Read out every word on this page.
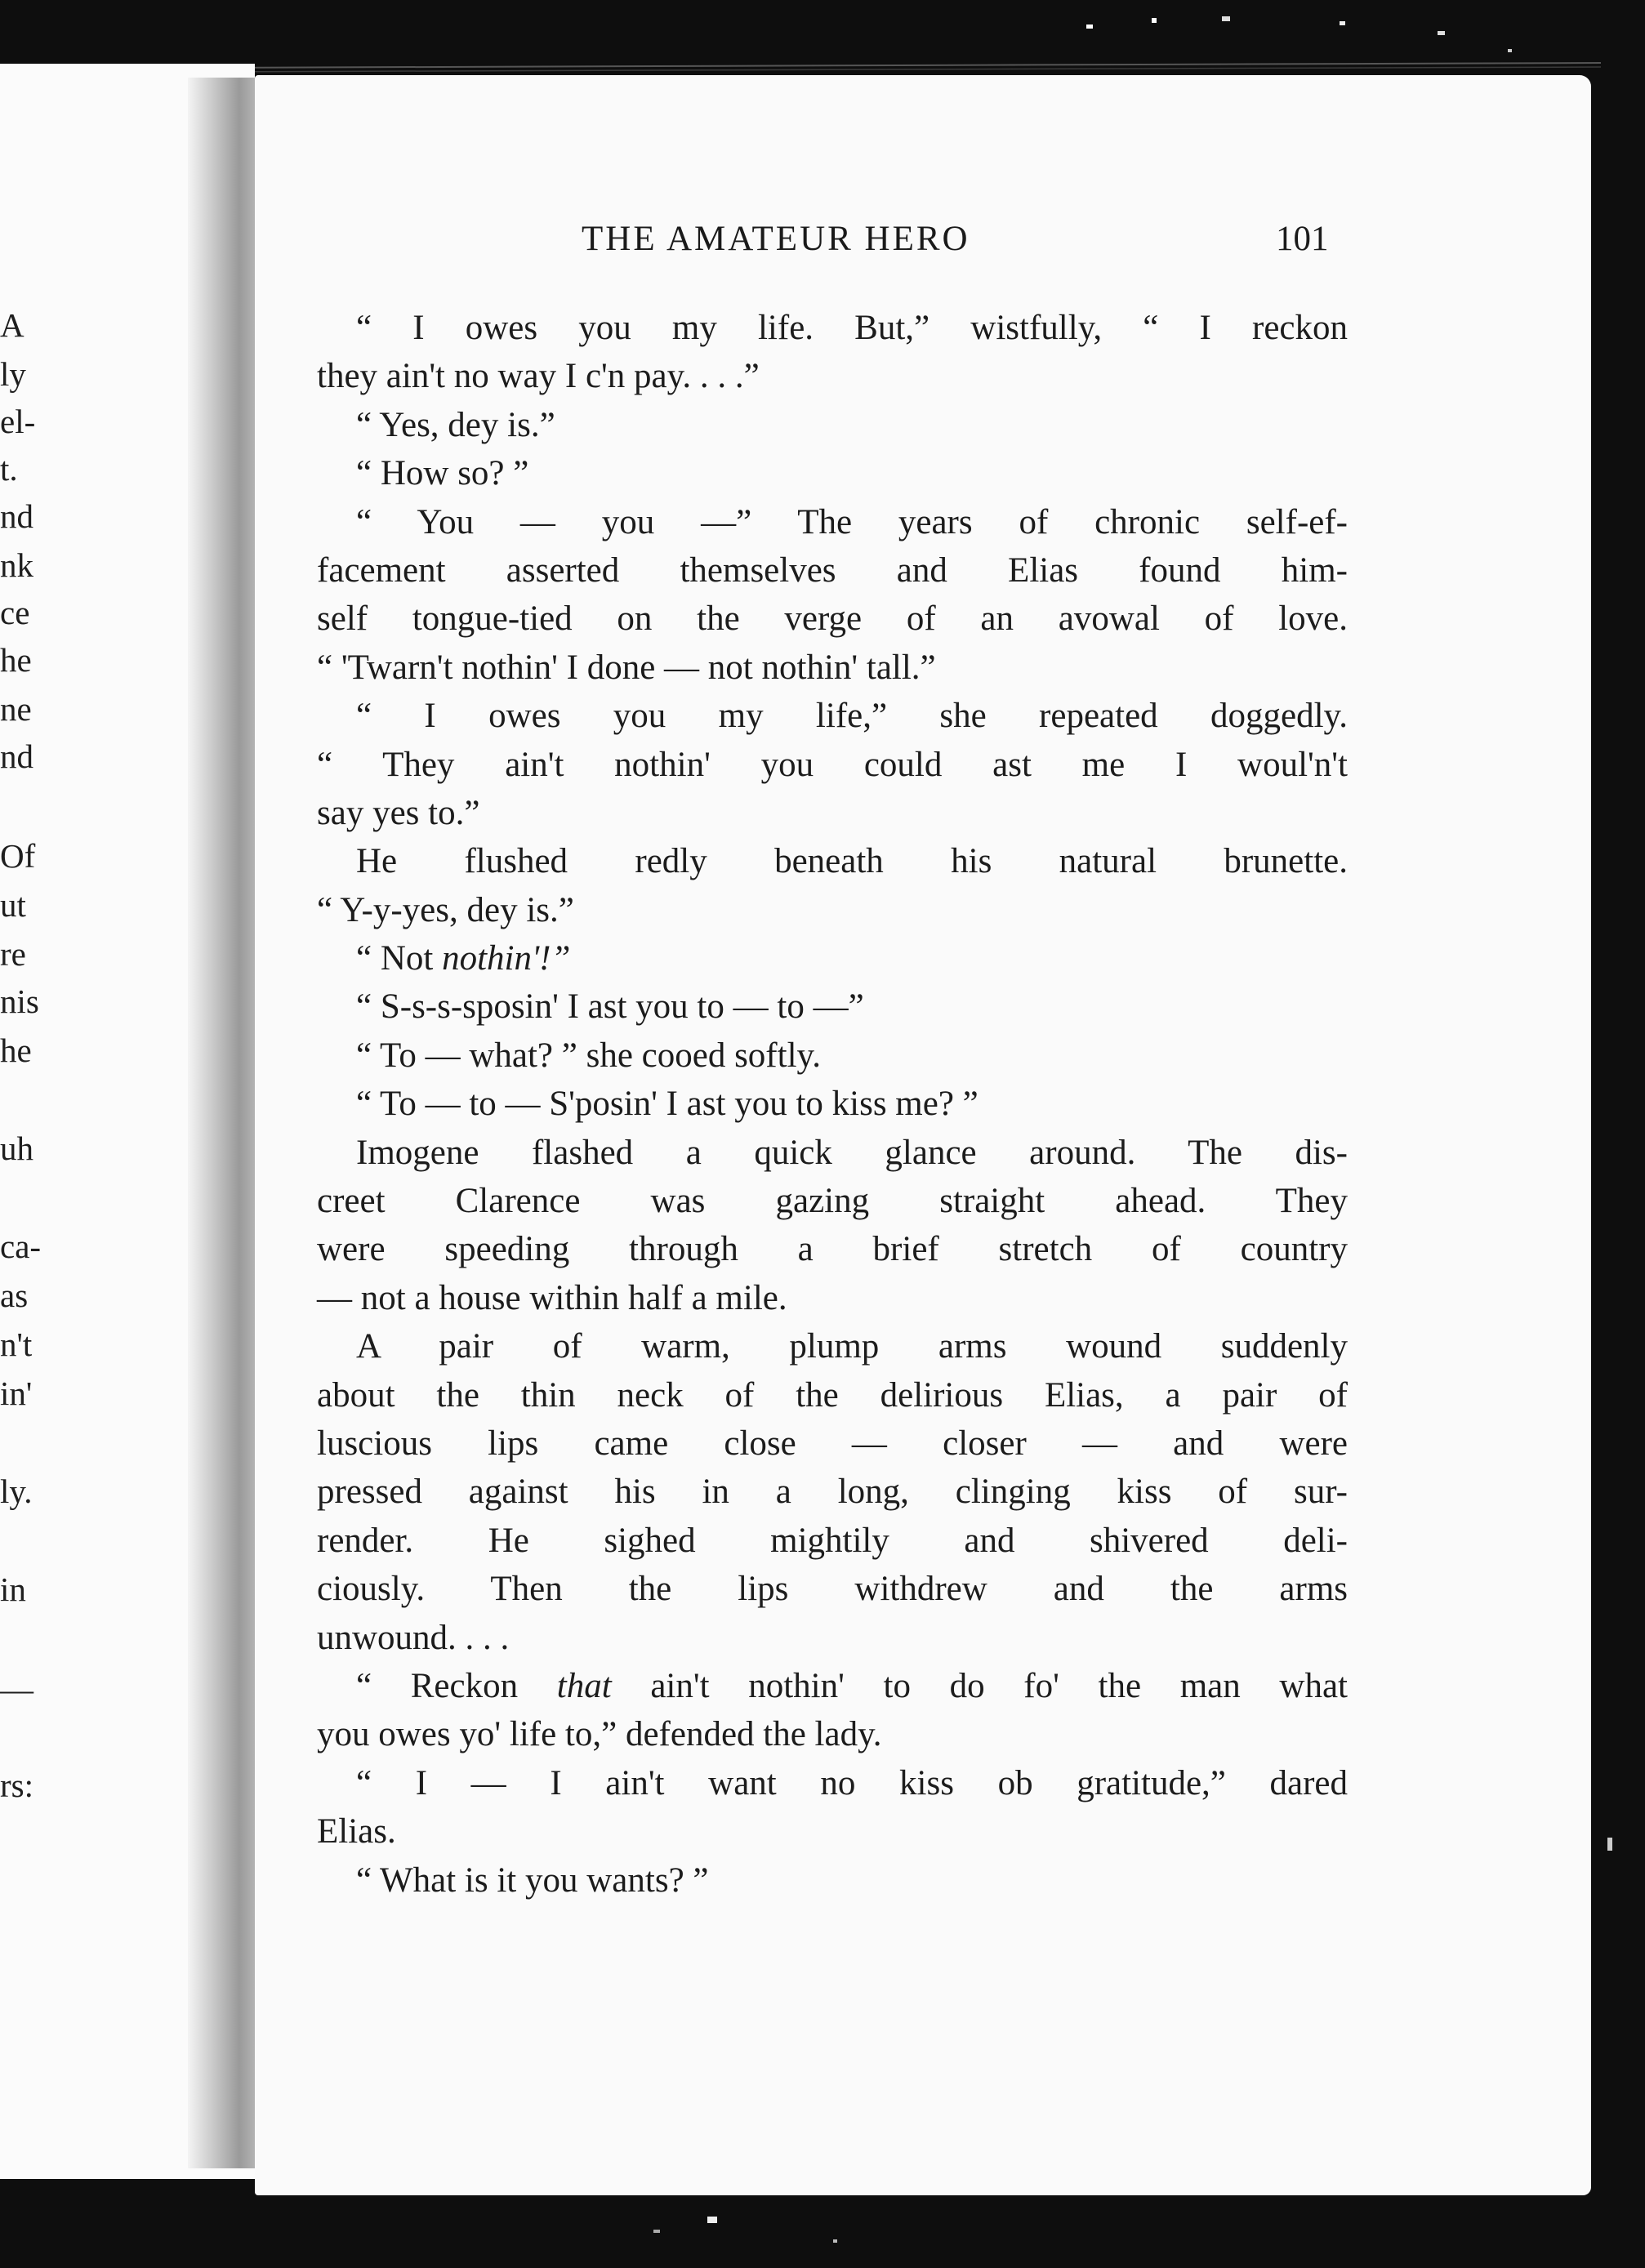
A
ly
el-
t.
nd
nk
ce
he
ne
nd
Of
ut
re
nis
he
uh
ca-
as
n't
in'
ly.
in
—
rs:
THE AMATEUR HERO	101
“ I owes you my life. But,” wistfully, “ I reckon
they ain't no way I c'n pay. . . .”
“ Yes, dey is.”
“ How so? ”
“ You — you —” The years of chronic self-ef-
facement asserted themselves and Elias found him-
self tongue-tied on the verge of an avowal of love.
“ 'Twarn't nothin' I done — not nothin' tall.”
“ I owes you my life,” she repeated doggedly.
“ They ain't nothin' you could ast me I woul'n't
say yes to.”
He flushed redly beneath his natural brunette.
“ Y-y-yes, dey is.”
“ Not nothin'!”
“ S-s-s-sposin' I ast you to — to —”
“ To — what? ” she cooed softly.
“ To — to — S'posin' I ast you to kiss me? ”
Imogene flashed a quick glance around. The dis-
creet Clarence was gazing straight ahead. They
were speeding through a brief stretch of country
— not a house within half a mile.
A pair of warm, plump arms wound suddenly
about the thin neck of the delirious Elias, a pair of
luscious lips came close — closer — and were
pressed against his in a long, clinging kiss of sur-
render. He sighed mightily and shivered deli-
ciously. Then the lips withdrew and the arms
unwound. . . .
“ Reckon that ain't nothin' to do fo' the man what
you owes yo' life to,” defended the lady.
“ I — I ain't want no kiss ob gratitude,” dared
Elias.
“ What is it you wants? ”
